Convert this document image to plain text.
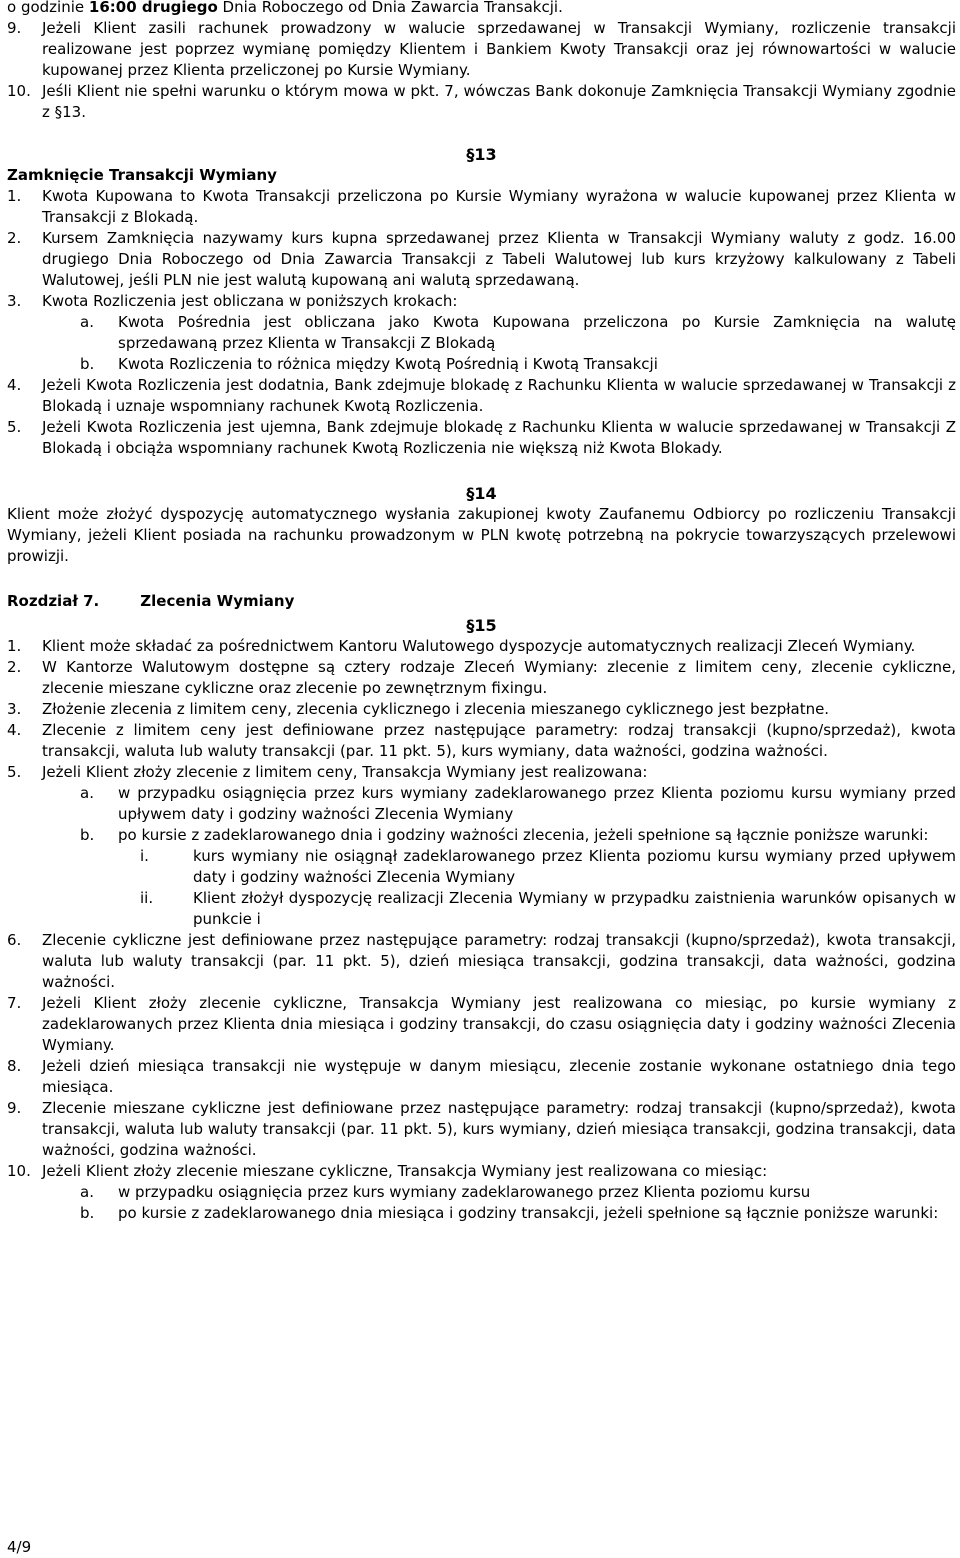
o godzinie 16:00 drugiego Dnia Roboczego od Dnia Zawarcia Transakcji.

9. Jeżeli Klient zasili rachunek prowadzony w walucie sprzedawanej w Transakcji Wymiany, rozliczenie transakcji realizowane jest poprzez wymianę pomiędzy Klientem i Bankiem Kwoty Transakcji oraz jej równowartości w walucie kupowanej przez Klienta przeliczonej po Kursie Wymiany.
10. Jeśli Klient nie spełni warunku o którym mowa w pkt. 7, wówczas Bank dokonuje Zamknięcia Transakcji Wymiany zgodnie z §13.

§13

Zamknięcie Transakcji Wymiany

1. Kwota Kupowana to Kwota Transakcji przeliczona po Kursie Wymiany wyrażona w walucie kupowanej przez Klienta w Transakcji z Blokadą.
2. Kursem Zamknięcia nazywamy kurs kupna sprzedawanej przez Klienta w Transakcji Wymiany waluty z godz. 16.00 drugiego Dnia Roboczego od Dnia Zawarcia Transakcji z Tabeli Walutowej lub kurs krzyżowy kalkulowany z Tabeli Walutowej, jeśli PLN nie jest walutą kupowaną ani walutą sprzedawaną.
3. Kwota Rozliczenia jest obliczana w poniższych krokach:
a. Kwota Pośrednia jest obliczana jako Kwota Kupowana przeliczona po Kursie Zamknięcia na walutę sprzedawaną przez Klienta w Transakcji Z Blokadą
b. Kwota Rozliczenia to różnica między Kwotą Pośrednią i Kwotą Transakcji
4. Jeżeli Kwota Rozliczenia jest dodatnia, Bank zdejmuje blokadę z Rachunku Klienta w walucie sprzedawanej w Transakcji z Blokadą i uznaje wspomniany rachunek Kwotą Rozliczenia.
5. Jeżeli Kwota Rozliczenia jest ujemna, Bank zdejmuje blokadę z Rachunku Klienta w walucie sprzedawanej w Transakcji Z Blokadą i obciąża wspomniany rachunek Kwotą Rozliczenia nie większą niż Kwota Blokady.

§14

Klient może złożyć dyspozycję automatycznego wysłania zakupionej kwoty Zaufanemu Odbiorcy po rozliczeniu Transakcji Wymiany, jeżeli Klient posiada na rachunku prowadzonym w PLN kwotę potrzebną na pokrycie towarzyszących przelewowi prowizji.

Rozdział 7.	Zlecenia Wymiany

§15

1. Klient może składać za pośrednictwem Kantoru Walutowego dyspozycje automatycznych realizacji Zleceń Wymiany.
2. W Kantorze Walutowym dostępne są cztery rodzaje Zleceń Wymiany: zlecenie z limitem ceny, zlecenie cykliczne, zlecenie mieszane cykliczne oraz zlecenie po zewnętrznym fixingu.
3. Złożenie zlecenia z limitem ceny, zlecenia cyklicznego i zlecenia mieszanego cyklicznego jest bezpłatne.
4. Zlecenie z limitem ceny jest definiowane przez następujące parametry: rodzaj transakcji (kupno/sprzedaż), kwota transakcji, waluta lub waluty transakcji (par. 11 pkt. 5), kurs wymiany, data ważności, godzina ważności.
5. Jeżeli Klient złoży zlecenie z limitem ceny, Transakcja Wymiany jest realizowana:
a. w przypadku osiągnięcia przez kurs wymiany zadeklarowanego przez Klienta poziomu kursu wymiany przed upływem daty i godziny ważności Zlecenia Wymiany
b. po kursie z zadeklarowanego dnia i godziny ważności zlecenia, jeżeli spełnione są łącznie poniższe warunki:
i.	kurs wymiany nie osiągnął zadeklarowanego przez Klienta poziomu kursu wymiany przed upływem daty i godziny ważności Zlecenia Wymiany
ii.	Klient złożył dyspozycję realizacji Zlecenia Wymiany w przypadku zaistnienia warunków opisanych w punkcie i
6. Zlecenie cykliczne jest definiowane przez następujące parametry: rodzaj transakcji (kupno/sprzedaż), kwota transakcji, waluta lub waluty transakcji (par. 11 pkt. 5), dzień miesiąca transakcji, godzina transakcji, data ważności, godzina ważności.
7. Jeżeli Klient złoży zlecenie cykliczne, Transakcja Wymiany jest realizowana co miesiąc, po kursie wymiany z zadeklarowanych przez Klienta dnia miesiąca i godziny transakcji, do czasu osiągnięcia daty i godziny ważności Zlecenia Wymiany.
8. Jeżeli dzień miesiąca transakcji nie występuje w danym miesiącu, zlecenie zostanie wykonane ostatniego dnia tego miesiąca.
9. Zlecenie mieszane cykliczne jest definiowane przez następujące parametry: rodzaj transakcji (kupno/sprzedaż), kwota transakcji, waluta lub waluty transakcji (par. 11 pkt. 5), kurs wymiany, dzień miesiąca transakcji, godzina transakcji, data ważności, godzina ważności.
10. Jeżeli Klient złoży zlecenie mieszane cykliczne, Transakcja Wymiany jest realizowana co miesiąc:
a. w przypadku osiągnięcia przez kurs wymiany zadeklarowanego przez Klienta poziomu kursu
b. po kursie z zadeklarowanego dnia miesiąca i godziny transakcji, jeżeli spełnione są łącznie poniższe warunki:
4/9
